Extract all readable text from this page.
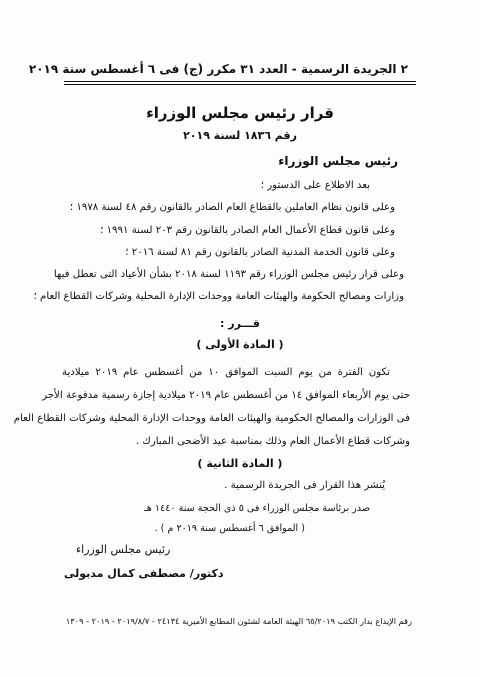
٢ الجريدة الرسمية - العدد ٣١ مكرر (ج) فى ٦ أغسطس سنة ٢٠١٩
قرار رئيس مجلس الوزراء
رقم ١٨٣٦ لسنة ٢٠١٩
رئيس مجلس الوزراء
بعد الاطلاع على الدستور ؛
وعلى قانون نظام العاملين بالقطاع العام الصادر بالقانون رقم ٤٨ لسنة ١٩٧٨ ؛
وعلى قانون قطاع الأعمال العام الصادر بالقانون رقم ٢٠٣ لسنة ١٩٩١ ؛
وعلى قانون الخدمة المدنية الصادر بالقانون رقم ٨١ لسنة ٢٠١٦ ؛
وعلى قرار رئيس مجلس الوزراء رقم ١١٩٣ لسنة ٢٠١٨ بشأن الأعياد التى تعطل فيها
وزارات ومصالح الحكومة والهيئات العامة ووحدات الإدارة المحلية وشركات القطاع العام ؛
قـــرر :
( المادة الأولى )
تكون الفترة من يوم السبت الموافق ١٠ من أغسطس عام ٢٠١٩ ميلادية
حتى يوم الأربعاء الموافق ١٤ من أغسطس عام ٢٠١٩ ميلادية إجازة رسمية مدفوعة الأجر
فى الوزارات والمصالح الحكومية والهيئات العامة ووحدات الإدارة المحلية وشركات القطاع العام
وشركات قطاع الأعمال العام وذلك بمناسبة عيد الأضحى المبارك .
( المادة الثانية )
يُنشر هذا القرار فى الجريدة الرسمية .
صدر برئاسة مجلس الوزراء فى ٥ ذى الحجة سنة ١٤٤٠ هـ
( الموافق ٦ أغسطس سنة ٢٠١٩ م ) .
رئيس مجلس الوزراء
دكتور/ مصطفى كمال مدبولى
رقم الإيداع بدار الكتب ٦٥/٢٠١٩ الهيئة العامة لشئون المطابع الأميرية ٢٤١٣٤ - ٢٠١٩/٨/٧ - ٢٠١٩ - ١٣٠٩
